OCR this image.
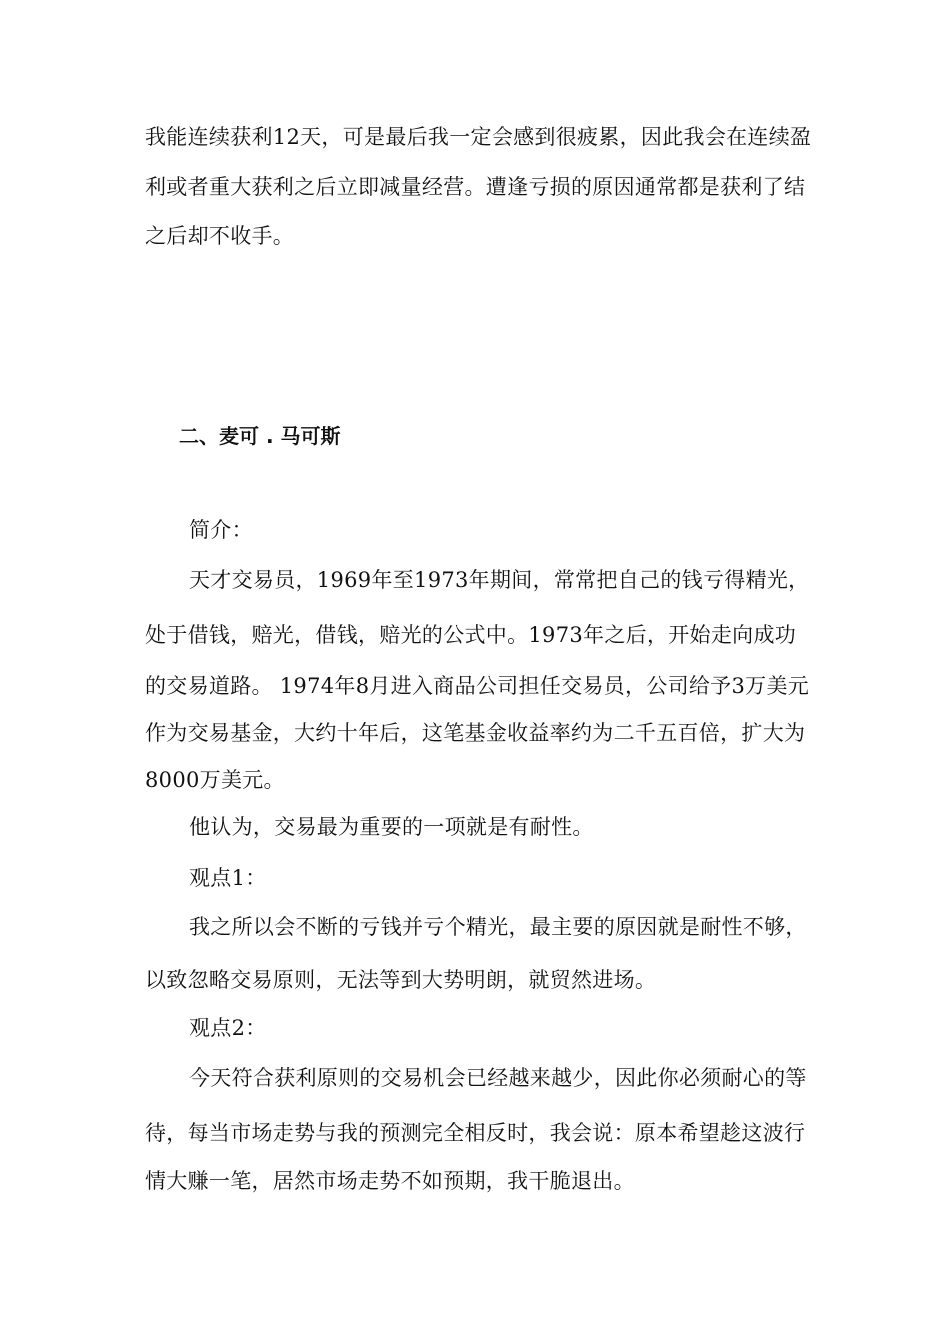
我能连续获利12天，可是最后我一定会感到很疲累，因此我会在连续盈
利或者重大获利之后立即减量经营。遭逢亏损的原因通常都是获利了结
之后却不收手。
二、麦可 . 马可斯
简介：
天才交易员，1969年至1973年期间，常常把自己的钱亏得精光，
处于借钱，赔光，借钱，赔光的公式中。1973年之后，开始走向成功
的交易道路。 1974年8月进入商品公司担任交易员，公司给予3万美元
作为交易基金，大约十年后，这笔基金收益率约为二千五百倍，扩大为
8000万美元。
他认为，交易最为重要的一项就是有耐性。
观点1：
我之所以会不断的亏钱并亏个精光，最主要的原因就是耐性不够，
以致忽略交易原则，无法等到大势明朗，就贸然进场。
观点2：
今天符合获利原则的交易机会已经越来越少，因此你必须耐心的等
待，每当市场走势与我的预测完全相反时，我会说：原本希望趁这波行
情大赚一笔，居然市场走势不如预期，我干脆退出。
